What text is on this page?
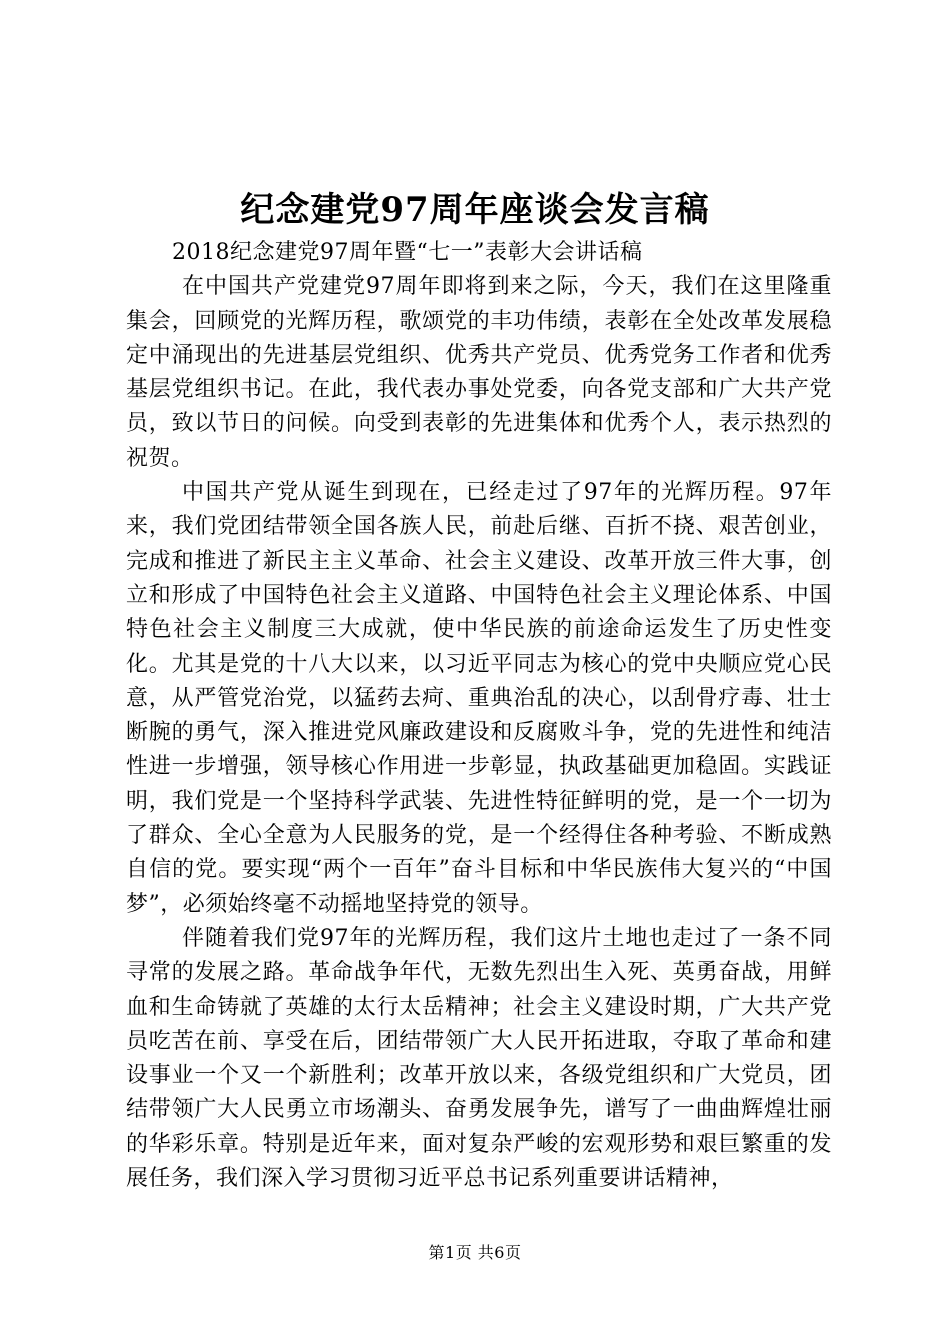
纪念建党97周年座谈会发言稿

2018纪念建党97周年暨“七一”表彰大会讲话稿

在中国共产党建党97周年即将到来之际，今天，我们在这里隆重集会，回顾党的光辉历程，歌颂党的丰功伟绩，表彰在全处改革发展稳定中涌现出的先进基层党组织、优秀共产党员、优秀党务工作者和优秀基层党组织书记。在此，我代表办事处党委，向各党支部和广大共产党员，致以节日的问候。向受到表彰的先进集体和优秀个人，表示热烈的祝贺。

中国共产党从诞生到现在，已经走过了97年的光辉历程。97年来，我们党团结带领全国各族人民，前赴后继、百折不挠、艰苦创业，完成和推进了新民主主义革命、社会主义建设、改革开放三件大事，创立和形成了中国特色社会主义道路、中国特色社会主义理论体系、中国特色社会主义制度三大成就，使中华民族的前途命运发生了历史性变化。尤其是党的十八大以来，以习近平同志为核心的党中央顺应党心民意，从严管党治党，以猛药去疴、重典治乱的决心，以刮骨疗毒、壮士断腕的勇气，深入推进党风廉政建设和反腐败斗争，党的先进性和纯洁性进一步增强，领导核心作用进一步彰显，执政基础更加稳固。实践证明，我们党是一个坚持科学武装、先进性特征鲜明的党，是一个一切为了群众、全心全意为人民服务的党，是一个经得住各种考验、不断成熟自信的党。要实现“两个一百年”奋斗目标和中华民族伟大复兴的“中国梦”，必须始终毫不动摇地坚持党的领导。

伴随着我们党97年的光辉历程，我们这片土地也走过了一条不同寻常的发展之路。革命战争年代，无数先烈出生入死、英勇奋战，用鲜血和生命铸就了英雄的太行太岳精神；社会主义建设时期，广大共产党员吃苦在前、享受在后，团结带领广大人民开拓进取，夺取了革命和建设事业一个又一个新胜利；改革开放以来，各级党组织和广大党员，团结带领广大人民勇立市场潮头、奋勇发展争先，谱写了一曲曲辉煌壮丽的华彩乐章。特别是近年来，面对复杂严峻的宏观形势和艰巨繁重的发展任务，我们深入学习贯彻习近平总书记系列重要讲话精神，

第1页 共6页
